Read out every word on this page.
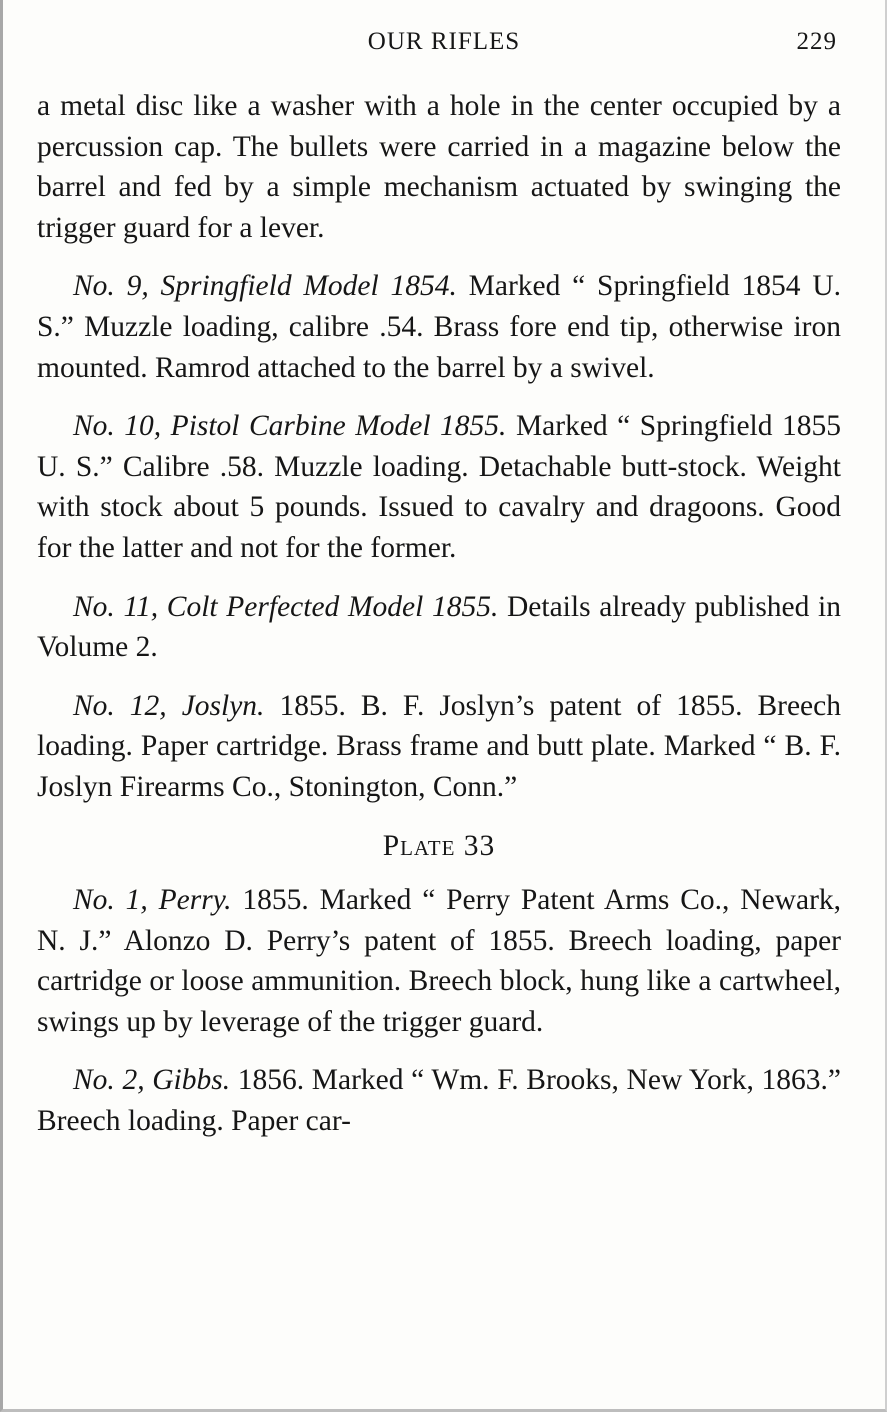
OUR RIFLES	229

a metal disc like a washer with a hole in the center occupied by a percussion cap. The bullets were carried in a magazine below the barrel and fed by a simple mechanism actuated by swinging the trigger guard for a lever.

No. 9, Springfield Model 1854. Marked “ Springfield 1854 U. S.” Muzzle loading, calibre .54. Brass fore end tip, otherwise iron mounted. Ramrod attached to the barrel by a swivel.

No. 10, Pistol Carbine Model 1855. Marked “ Springfield 1855 U. S.” Calibre .58. Muzzle loading. Detachable butt-stock. Weight with stock about 5 pounds. Issued to cavalry and dragoons. Good for the latter and not for the former.

No. 11, Colt Perfected Model 1855. Details already published in Volume 2.

No. 12, Joslyn. 1855. B. F. Joslyn’s patent of 1855. Breech loading. Paper cartridge. Brass frame and butt plate. Marked “ B. F. Joslyn Firearms Co., Stonington, Conn.”

Plate 33

No. 1, Perry. 1855. Marked “ Perry Patent Arms Co., Newark, N. J.” Alonzo D. Perry’s patent of 1855. Breech loading, paper cartridge or loose ammunition. Breech block, hung like a cartwheel, swings up by leverage of the trigger guard.

No. 2, Gibbs. 1856. Marked “ Wm. F. Brooks, New York, 1863.” Breech loading. Paper car-
